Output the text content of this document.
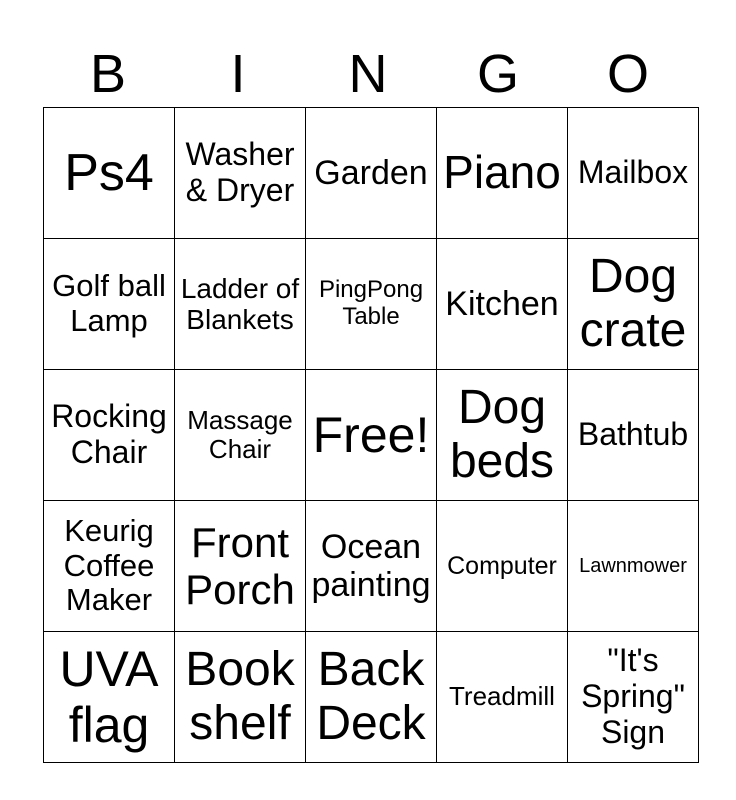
B	I	N	G	O
Ps4	Washer & Dryer	Garden	Piano	Mailbox
Golf ball Lamp	Ladder of Blankets	PingPong Table	Kitchen	Dog crate
Rocking Chair	Massage Chair	Free!	Dog beds	Bathtub
Keurig Coffee Maker	Front Porch	Ocean painting	Computer	Lawnmower
UVA flag	Book shelf	Back Deck	Treadmill	"It's Spring" Sign
